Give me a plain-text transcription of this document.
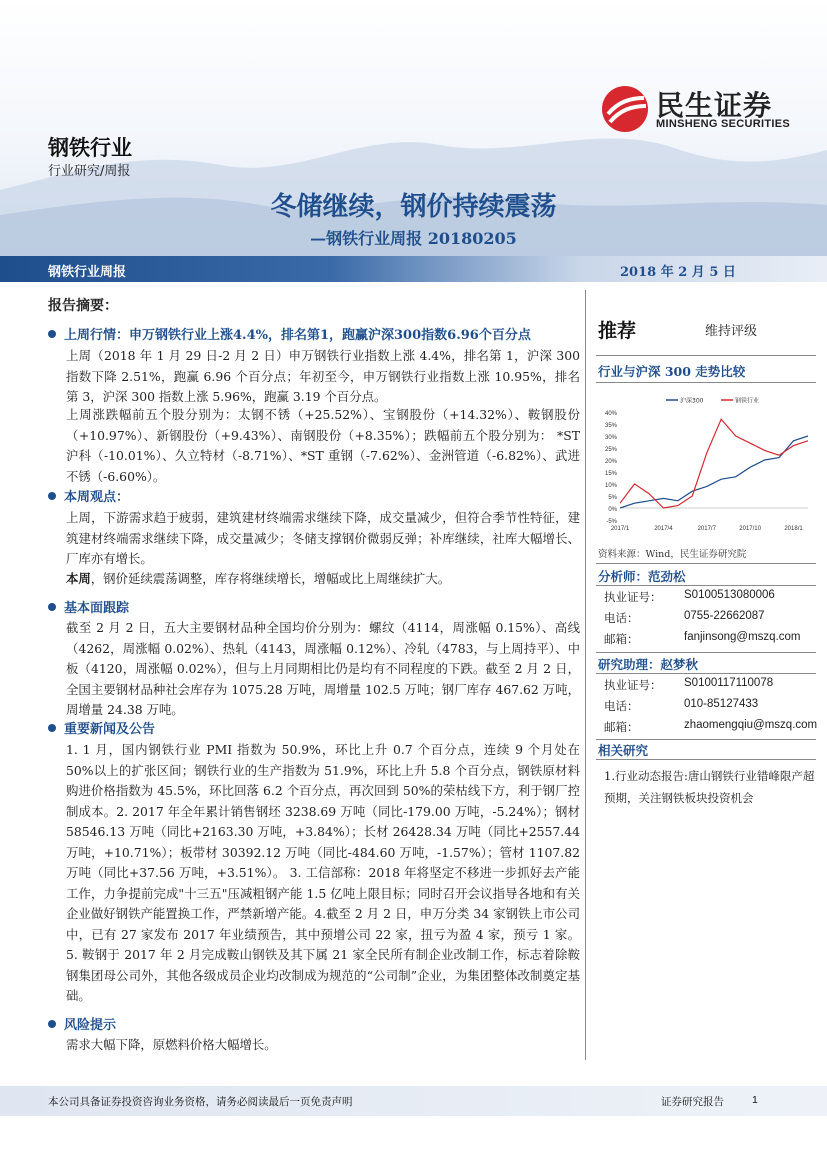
民生证券
MINSHENG SECURITIES
钢铁行业
行业研究/周报
冬储继续，钢价持续震荡
—钢铁行业周报 20180205
钢铁行业周报	2018 年 2 月 5 日
报告摘要：
上周行情：申万钢铁行业上涨4.4%，排名第1，跑赢沪深300指数6.96个百分点
上周（2018 年 1 月 29 日-2 月 2 日）申万钢铁行业指数上涨 4.4%，排名第 1，沪深 300 指数下降 2.51%，跑赢 6.96 个百分点；年初至今，申万钢铁行业指数上涨 10.95%，排名第 3，沪深 300 指数上涨 5.96%，跑赢 3.19 个百分点。
上周涨跌幅前五个股分别为：太钢不锈（+25.52%）、宝钢股份（+14.32%）、鞍钢股份（+10.97%）、新钢股份（+9.43%）、南钢股份（+8.35%）；跌幅前五个股分别为： *ST 沪科（-10.01%）、久立特材（-8.71%）、*ST 重钢（-7.62%）、金洲管道（-6.82%）、武进不锈（-6.60%）。
本周观点：
上周，下游需求趋于疲弱，建筑建材终端需求继续下降，成交量减少，但符合季节性特征，建筑建材终端需求继续下降，成交量减少；冬储支撑钢价微弱反弹；补库继续，社库大幅增长、厂库亦有增长。
本周，钢价延续震荡调整，库存将继续增长，增幅或比上周继续扩大。
基本面跟踪
截至 2 月 2 日，五大主要钢材品种全国均价分别为：螺纹（4114，周涨幅 0.15%）、高线（4262，周涨幅 0.02%）、热轧（4143，周涨幅 0.12%）、冷轧（4783，与上周持平）、中板（4120，周涨幅 0.02%），但与上月同期相比仍是均有不同程度的下跌。截至 2 月 2 日，全国主要钢材品种社会库存为 1075.28 万吨，周增量 102.5 万吨；钢厂库存 467.62 万吨，周增量 24.38 万吨。
重要新闻及公告
1. 1 月，国内钢铁行业 PMI 指数为 50.9%，环比上升 0.7 个百分点，连续 9 个月处在 50%以上的扩张区间；钢铁行业的生产指数为 51.9%，环比上升 5.8 个百分点，钢铁原材料购进价格指数为 45.5%，环比回落 6.2 个百分点，再次回到 50%的荣枯线下方，利于钢厂控制成本。2. 2017 年全年累计销售钢坯 3238.69 万吨（同比-179.00 万吨，-5.24%）；钢材 58546.13 万吨（同比+2163.30 万吨，+3.84%）；长材 26428.34 万吨（同比+2557.44 万吨，+10.71%）；板带材 30392.12 万吨（同比-484.60 万吨，-1.57%）；管材 1107.82 万吨（同比+37.56 万吨，+3.51%）。 3. 工信部称：2018 年将坚定不移进一步抓好去产能工作，力争提前完成"十三五"压减粗钢产能 1.5 亿吨上限目标；同时召开会议指导各地和有关企业做好钢铁产能置换工作，严禁新增产能。4.截至 2 月 2 日，申万分类 34 家钢铁上市公司中，已有 27 家发布 2017 年业绩预告，其中预增公司 22 家，扭亏为盈 4 家，预亏 1 家。5. 鞍钢于 2017 年 2 月完成鞍山钢铁及其下属 21 家全民所有制企业改制工作，标志着除鞍钢集团母公司外，其他各级成员企业均改制成为规范的“公司制”企业，为集团整体改制奠定基础。
风险提示
需求大幅下降，原燃料价格大幅增长。
推荐	维持评级
行业与沪深 300 走势比较
40%
35%
30%
25%
20%
15%
10%
5%
0%
-5%
2017/1	2017/4	2017/7	2017/10	2018/1
沪深300	钢铁行业
资料来源：Wind，民生证券研究院
分析师：范劲松
执业证号： S0100513080006
电话：	0755-22662087
邮箱：	fanjinsong@mszq.com
研究助理：赵梦秋
执业证号： S0100117110078
电话：	010-85127433
邮箱：	zhaomengqiu@mszq.com
相关研究
1.行业动态报告:唐山钢铁行业错峰限产超预期，关注钢铁板块投资机会
本公司具备证券投资咨询业务资格，请务必阅读最后一页免责声明	证券研究报告	1
